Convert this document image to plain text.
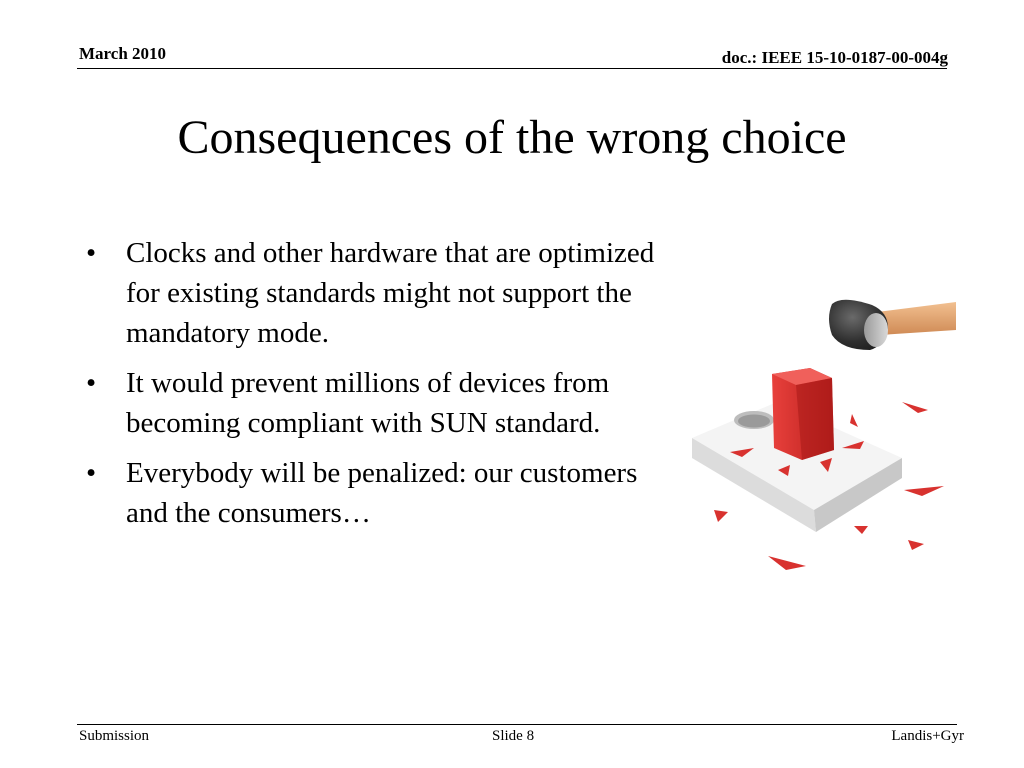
March 2010	doc.: IEEE 15-10-0187-00-004g
Consequences of the wrong choice
• Clocks and other hardware that are optimized for existing standards might not support the mandatory mode.
• It would prevent millions of devices from becoming compliant with SUN standard.
• Everybody will be penalized: our customers and the consumers…
Submission	Slide 8	Landis+Gyr
